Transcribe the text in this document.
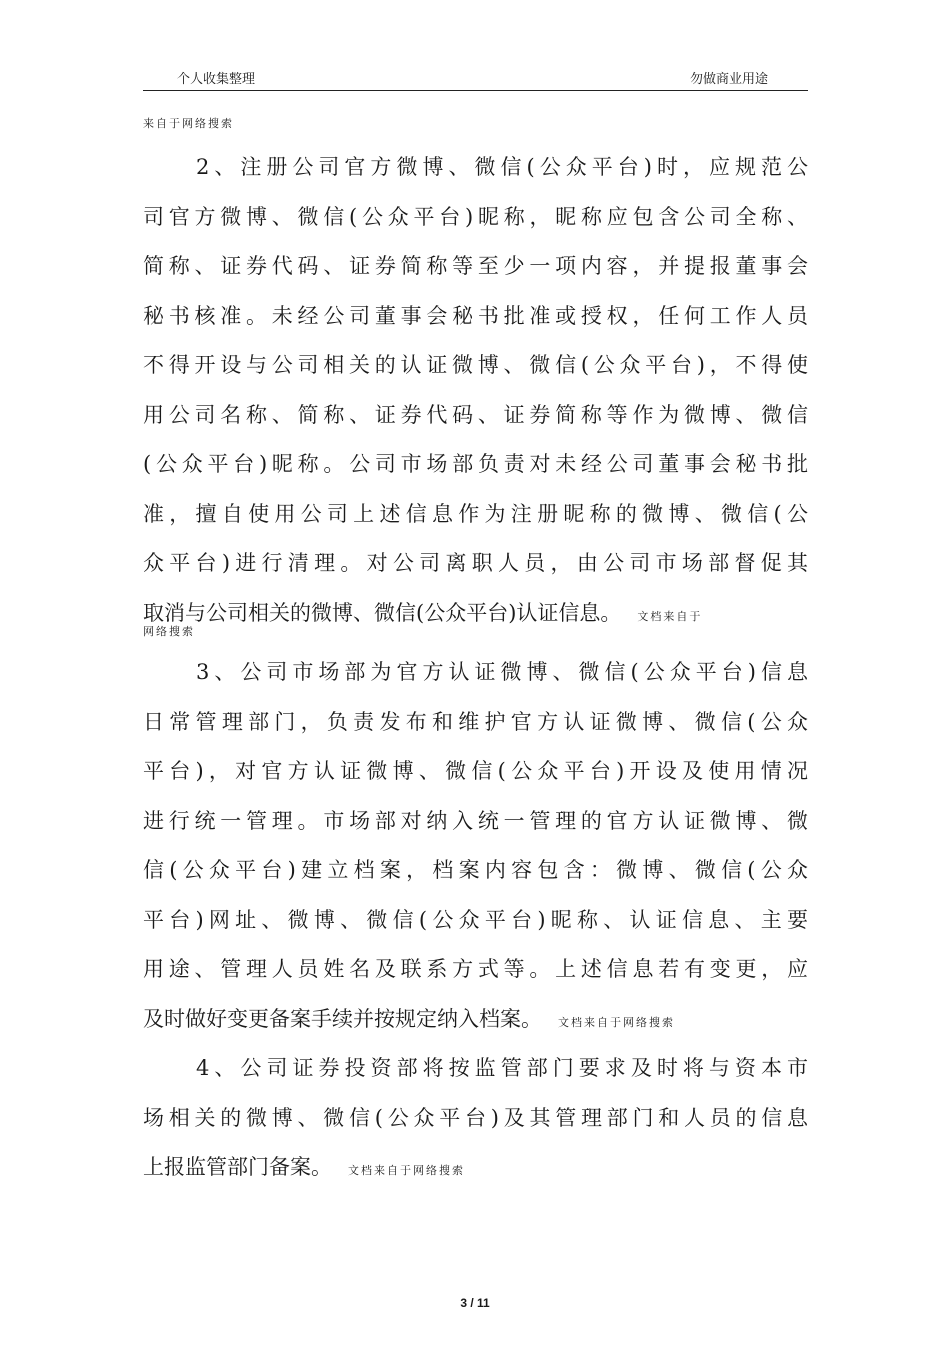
个人收集整理	勿做商业用途
来自于网络搜索
2、注册公司官方微博、微信(公众平台)时，应规范公
司官方微博、微信(公众平台)昵称，昵称应包含公司全称、
简称、证券代码、证券简称等至少一项内容，并提报董事会
秘书核准。未经公司董事会秘书批准或授权，任何工作人员
不得开设与公司相关的认证微博、微信(公众平台)，不得使
用公司名称、简称、证券代码、证券简称等作为微博、微信
(公众平台)昵称。公司市场部负责对未经公司董事会秘书批
准，擅自使用公司上述信息作为注册昵称的微博、微信(公
众平台)进行清理。对公司离职人员，由公司市场部督促其
取消与公司相关的微博、微信(公众平台)认证信息。 文档来自于
网络搜索
3、公司市场部为官方认证微博、微信(公众平台)信息
日常管理部门，负责发布和维护官方认证微博、微信(公众
平台)，对官方认证微博、微信(公众平台)开设及使用情况
进行统一管理。市场部对纳入统一管理的官方认证微博、微
信(公众平台)建立档案，档案内容包含：微博、微信(公众
平台)网址、微博、微信(公众平台)昵称、认证信息、主要
用途、管理人员姓名及联系方式等。上述信息若有变更，应
及时做好变更备案手续并按规定纳入档案。 文档来自于网络搜索
4、公司证券投资部将按监管部门要求及时将与资本市
场相关的微博、微信(公众平台)及其管理部门和人员的信息
上报监管部门备案。 文档来自于网络搜索
3 / 11
